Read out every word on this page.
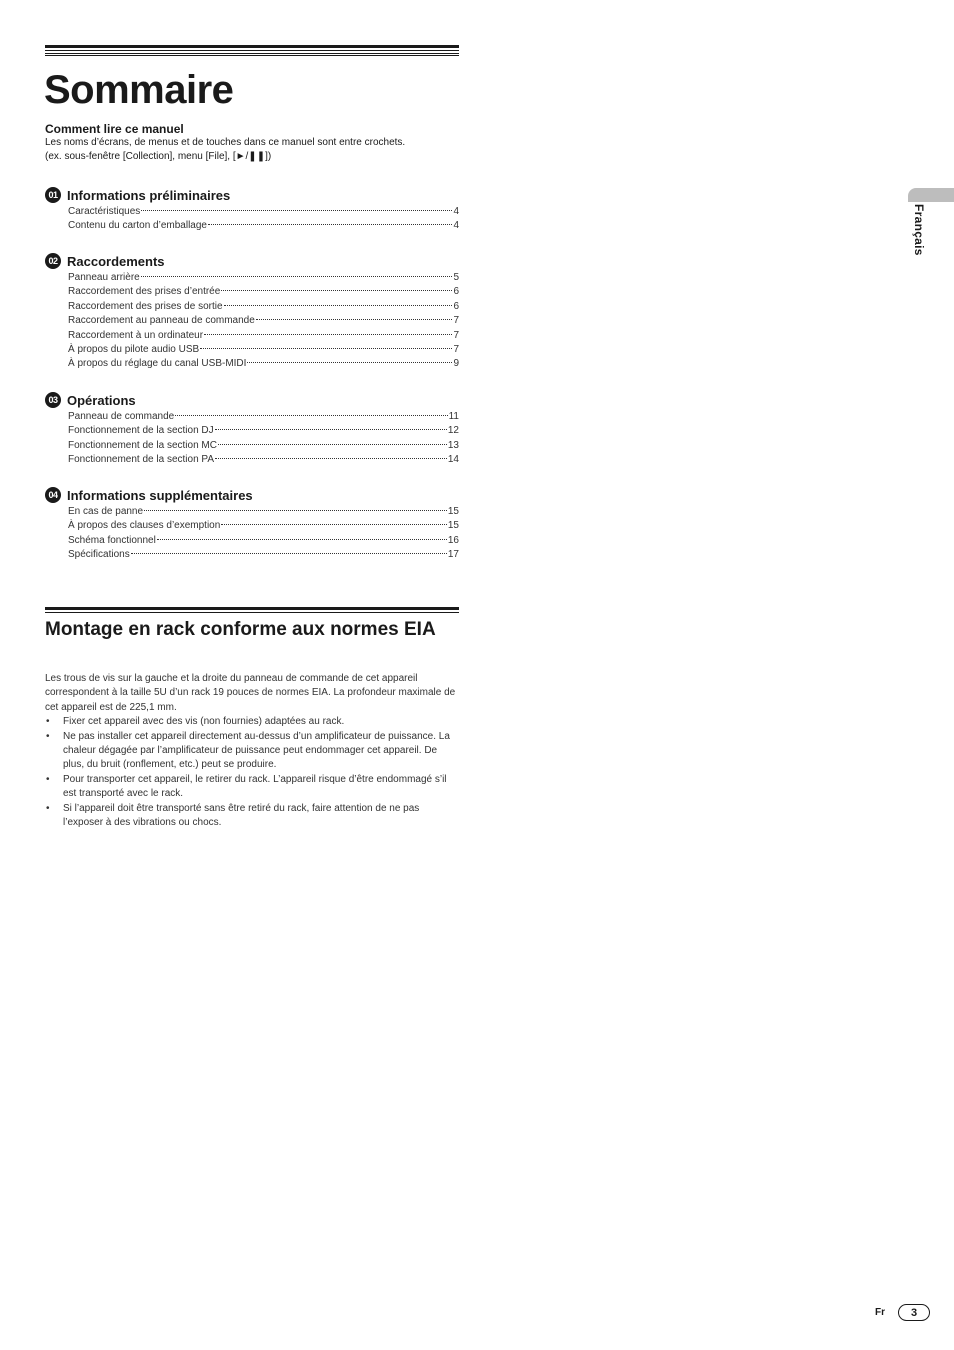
Sommaire
Comment lire ce manuel

Les noms d’écrans, de menus et de touches dans ce manuel sont entre crochets.

(ex. sous-fenêtre [Collection], menu [File], [►/❚❚])

01 Informations préliminaires
Caractéristiques	4
Contenu du carton d’emballage	4
02 Raccordements
Panneau arrière	5
Raccordement des prises d’entrée	6
Raccordement des prises de sortie	6
Raccordement au panneau de commande	7
Raccordement à un ordinateur	7
À propos du pilote audio USB	7
À propos du réglage du canal USB-MIDI	9
03 Opérations
Panneau de commande	11
Fonctionnement de la section DJ	12
Fonctionnement de la section MC	13
Fonctionnement de la section PA	14
04 Informations supplémentaires
En cas de panne	15
À propos des clauses d’exemption	15
Schéma fonctionnel	16
Spécifications	17
Montage en rack conforme aux normes EIA

Les trous de vis sur la gauche et la droite du panneau de commande de cet appareil correspondent à la taille 5U d’un rack 19 pouces de normes EIA. La profondeur maximale de cet appareil est de 225,1 mm.

• Fixer cet appareil avec des vis (non fournies) adaptées au rack.
• Ne pas installer cet appareil directement au-dessus d’un amplificateur de puissance. La chaleur dégagée par l’amplificateur de puissance peut endommager cet appareil. De plus, du bruit (ronflement, etc.) peut se produire.
• Pour transporter cet appareil, le retirer du rack. L’appareil risque d’être endommagé s’il est transporté avec le rack.
• Si l’appareil doit être transporté sans être retiré du rack, faire attention de ne pas l’exposer à des vibrations ou chocs.
Français
Fr	3
